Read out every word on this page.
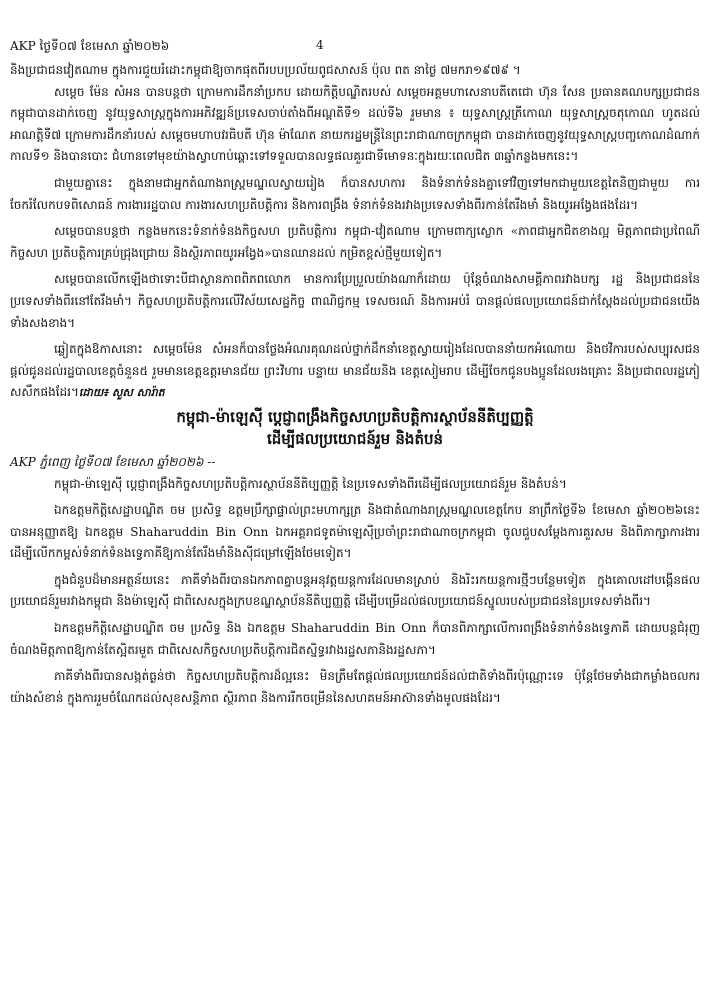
AKP ថ្ងៃទី០៧ ខែមេសា ឆ្នាំ២០២៦	4

និងប្រជាជនវៀតណាម ក្នុងការជួយរំដោះកម្ពុជាឱ្យចាកផុតពីរបបប្រល័យពូជសាសន៍ ប៉ុល ពត នាថ្ងៃ ៧មករា១៩៧៩ ។

សម្ដេច ម៉ែន សំអន បានបន្តថា ក្រោមការដឹកនាំប្រកប ដោយកិត្តិបណ្ឌិតរបស់ សម្ដេចអគ្គមហាសេនាបតីតេជោ ហ៊ុន សែន ប្រធានគណបក្សប្រជាជនកម្ពុជាបានដាក់ចេញ នូវយុទ្ធសាស្ត្រក្នុងការអភិវឌ្ឍន៍ប្រទេសចាប់តាំងពីអណ្ដតិទី១ ដល់ទី៦ រួមមាន ៖ យុទ្ធសាស្ត្រត្រីកោណ យុទ្ធសាស្ត្រចតុកោណ ហូតដល់ អាណត្តិទី៧ ក្រោមការដឹកនាំរបស់ សម្ដេចមហាបវរធិបតី ហ៊ុន ម៉ាណែត នាយករដ្ឋមន្ត្រីនៃព្រះរាជាណាចក្រកម្ពុជា បានដាក់ចេញនូវយុទ្ធសាស្ត្របញ្ចកោណដំណាក់កាលទី១ និងបានបោះ ជំហានទៅមុខយ៉ាងស្វាហាប់ឆ្ពោះទៅទទួលបានលទ្ធផលគួរជាទីមោទនៈក្នុងរយៈពេលជិត ៣ឆ្នាំកន្លងមកនេះ។

ជាមួយគ្នានេះ ក្នុងនាមជាអ្នកតំណាងរាស្ត្រមណ្ឌលស្វាយរៀង ក៏បានសហការ និងទំនាក់ទំនងគ្នាទៅវិញទៅមកជាមួយខេត្តតៃនិញជាមួយ ការចែករំលែកបទពិសោធន៍ ការងាររដ្ឋបាល ការងារសហប្រតិបត្តិការ និងការពង្រឹង ទំនាក់ទំនងរវាងប្រទេសទាំងពីរកាន់តែរឹងមាំ និងយូរអង្វែងផងដែរ។

សម្ដេចបានបន្តថា កន្លងមកនេះទំនាក់ទំនងកិច្ចសហ ប្រតិបត្តិការ កម្ពុជា-វៀតណាម ក្រោមពាក្យស្លោក «ភាពជាអ្នកជិតខាងល្អ មិត្តភាពជាប្រពៃណី កិច្ចសហ ប្រតិបត្តិការគ្រប់ជ្រុងជ្រោយ និងស្ថិរភាពយូរអង្វែង»បានឈានដល់ កម្រិតខ្ពស់ថ្មីមួយទៀត។

សម្ដេចបានលើកឡើងថាទោះបីជាស្ថានភាពពិភពលោក មានការប្រែប្រួលយ៉ាងណាក៏ដោយ ប៉ុន្តែចំណងសាមគ្គីភាពរវាងបក្ស រដ្ឋ និងប្រជាជននៃប្រទេសទាំងពីរនៅតែរឹងមាំ។ កិច្ចសហប្រតិបត្តិការលើវិស័យសេដ្ឋកិច្ច ពាណិជ្ជកម្ម ទេសចរណ៍ និងការអប់រំ បានផ្តល់ផលប្រយោជន៍ជាក់ស្តែងដល់ប្រជាជនយើងទាំងសងខាង។

ឆ្លៀតក្នុងឱកាសនោះ សម្ដេចម៉ែន សំអនក៏បានថ្លែងអំណរគុណដល់ថ្នាក់ដឹកនាំខេត្តស្វាយរៀងដែលបាននាំយកអំណោយ និងថវិការបស់សប្បុរសជនផ្ដល់ជូនដល់រដ្ឋបាលខេត្តចំនួន៥ រួមមានខេត្តឧត្តរមានជ័យ ព្រះវិហារ បន្ទាយ មានជ័យនិង ខេត្តសៀមរាប ដើម្បីចែកជូនបងប្អូនដែលរងគ្រោះ និងប្រជាពលរដ្ឋភៀសសឹកផងដែរ។ដោយ៖ សួស សារ៉ាត

កម្ពុជា-ម៉ាឡេស៊ី ប្តេជ្ញាពង្រឹងកិច្ចសហប្រតិបត្តិការស្ថាប័ននីតិប្បញ្ញត្តិ
ដើម្បីផលប្រយោជន៍រួម និងតំបន់

AKP ភ្នំពេញ ថ្ងៃទី០៧ ខែមេសា ឆ្នាំ២០២៦ --

កម្ពុជា-ម៉ាឡេស៊ី ប្តេជ្ញាពង្រឹងកិច្ចសហប្រតិបត្តិការស្ថាប័ននីតិប្បញ្ញត្តិ នៃប្រទេសទាំងពីរដើម្បីផលប្រយោជន៍រួម និងតំបន់។

ឯកឧត្តមកិត្តិសេដ្ឋាបណ្ឌិត ចម ប្រសិទ្ធ ឧត្តមប្រឹក្សាផ្ទាល់ព្រះមហាក្សត្រ និងជាតំណាងរាស្ត្រមណ្ឌលខេត្តកែប នាព្រឹកថ្ងៃទី៦ ខែមេសា ឆ្នាំ២០២៦នេះ បានអនុញ្ញាតឱ្យ ឯកឧត្តម Shaharuddin Bin Onn ឯកអគ្គរាជទូតម៉ាឡេស៊ីប្រចាំព្រះរាជាណាចក្រកម្ពុជា ចូលជួបសម្ដែងការគួរសម និងពិភាក្សាការងារ ដើម្បីលើកកម្ពស់ទំនាក់ទំនងទ្វេភាគីឱ្យកាន់តែរឹងមាំនិងស៊ីជម្រៅឡើងថែមទៀត។

ក្នុងជំនួបដ៏មានអត្ថន័យនេះ ភាគីទាំងពីរបានឯកភាពគ្នាបន្តអនុវត្តយន្តការដែលមានស្រាប់ និងរិះរកយន្តការថ្មីៗបន្ថែមទៀត ក្នុងគោលដៅបង្កើនផលប្រយោជន៍រួមរវាងកម្ពុជា និងម៉ាឡេស៊ី ជាពិសេសក្នុងក្របខណ្ឌស្ថាប័ននីតិប្បញ្ញត្តិ ដើម្បីបម្រើដល់ផលប្រយោជន៍ស្នូលរបស់ប្រជាជននៃប្រទេសទាំងពីរ។

ឯកឧត្តមកិត្តិសេដ្ឋាបណ្ឌិត ចម ប្រសិទ្ធ និង ឯកឧត្តម Shaharuddin Bin Onn ក៏បានពិភាក្សាលើការពង្រឹងទំនាក់ទំនងទ្វេភាគី ដោយបន្តជំរុញចំណងមិត្តភាពឱ្យកាន់តែស្អិតរមួត ជាពិសេសកិច្ចសហប្រតិបត្តិការជិតស្និទ្ធរវាងរដ្ឋសភានិងរដ្ឋសភា។

ភាគីទាំងពីរបានសង្កត់ធ្ងន់ថា កិច្ចសហប្រតិបត្តិការដ៏ល្អនេះ មិនត្រឹមតែផ្តល់ផលប្រយោជន៍ដល់ជាតិទាំងពីរប៉ុណ្ណោះទេ ប៉ុន្តែថែមទាំងជាកម្លាំងចលករយ៉ាងសំខាន់ ក្នុងការរួមចំណែកដល់សុខសន្តិភាព ស្ថិរភាព និងការរីកចម្រើននៃសហគមន៍អាស៊ានទាំងមូលផងដែរ។
